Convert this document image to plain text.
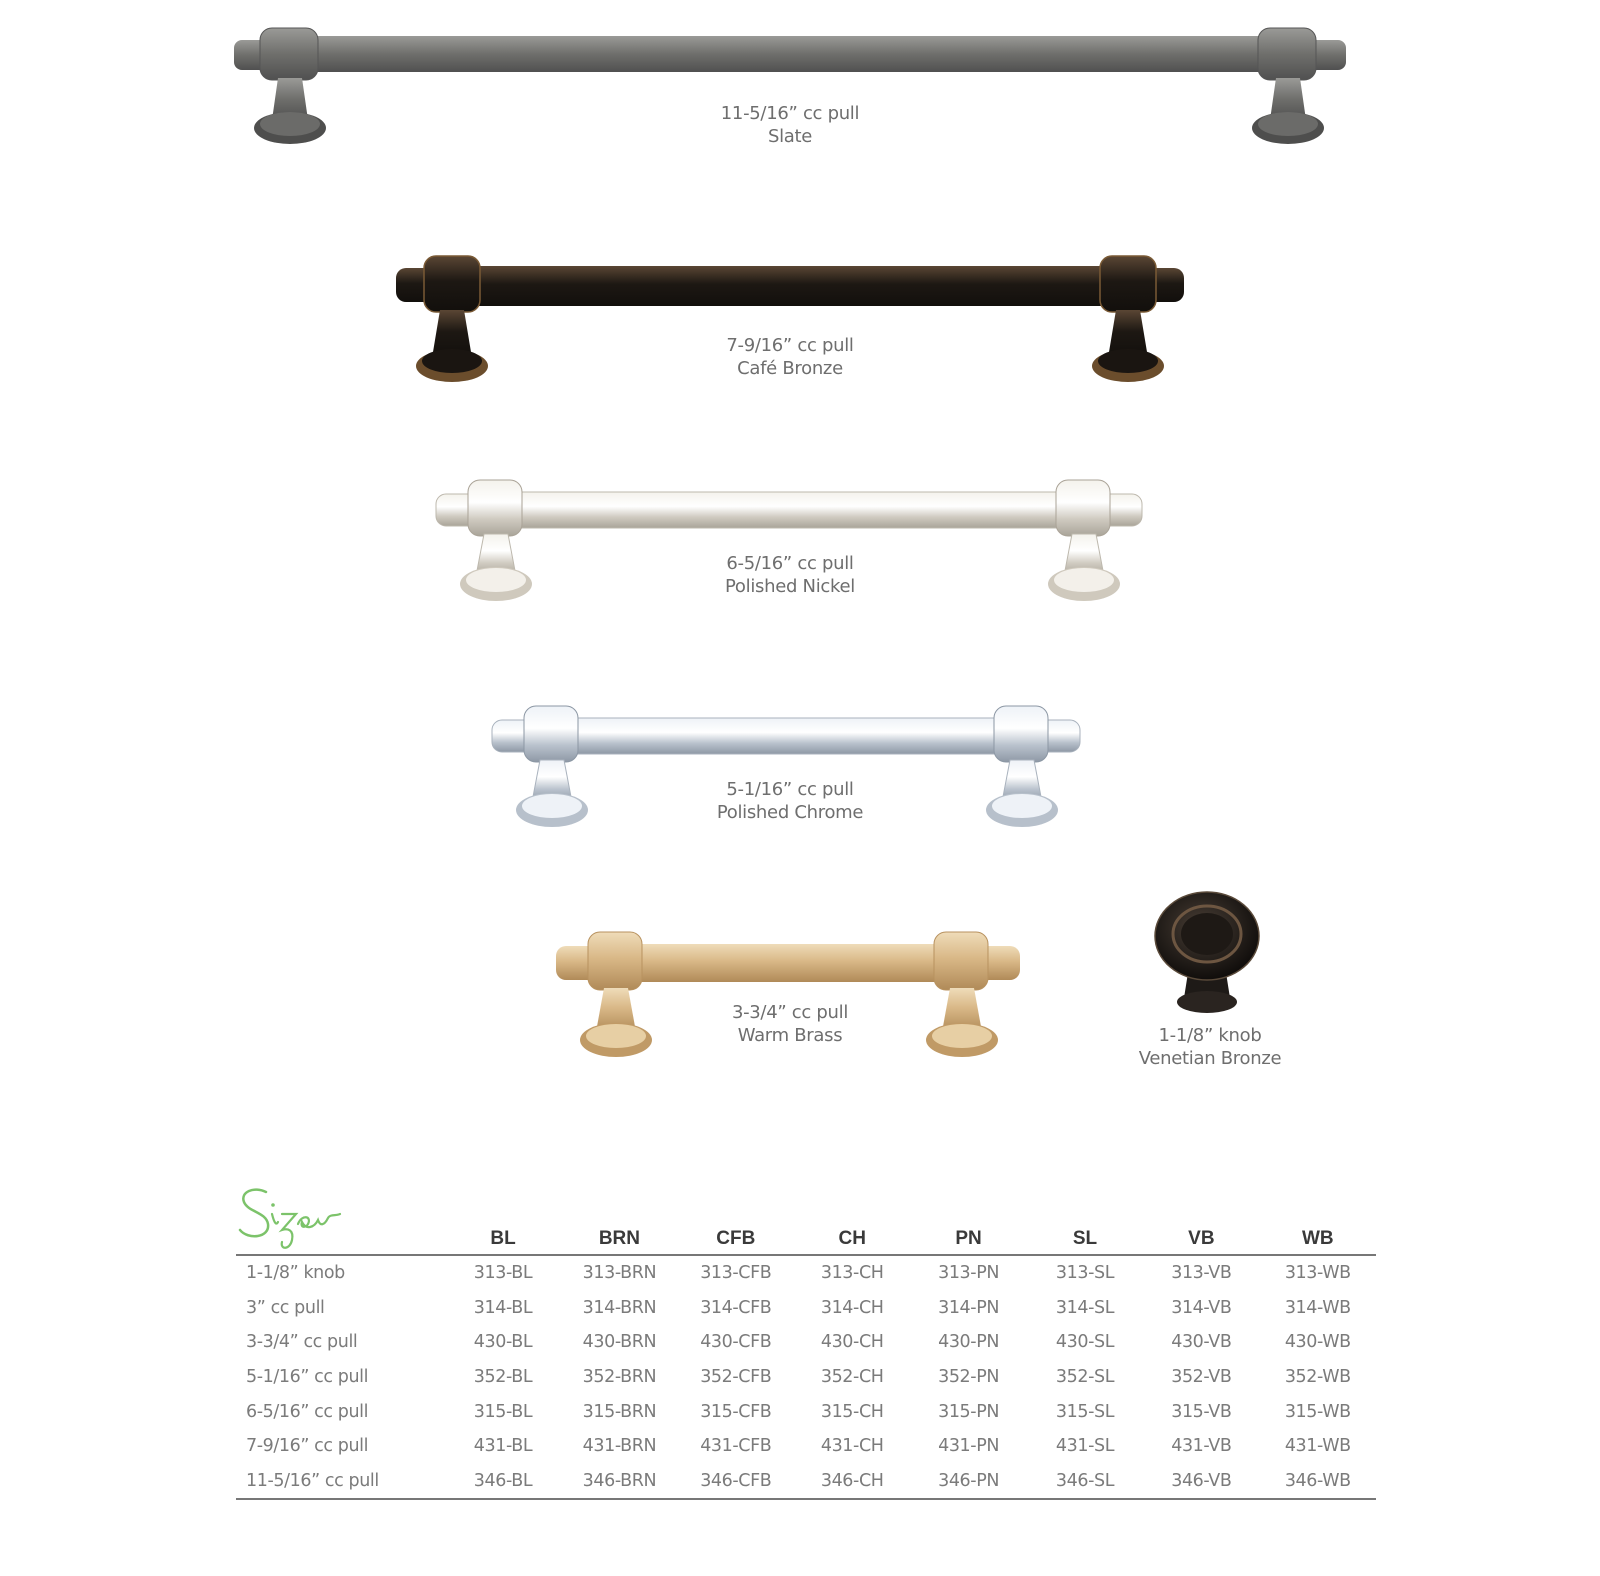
11-5/16” cc pull
Slate
7-9/16” cc pull
Café Bronze
6-5/16” cc pull
Polished Nickel
5-1/16” cc pull
Polished Chrome
3-3/4” cc pull
Warm Brass	1-1/8” knob
Venetian Bronze
	BL	BRN	CFB	CH	PN	SL	VB	WB
1-1/8” knob	313-BL	313-BRN	313-CFB	313-CH	313-PN	313-SL	313-VB	313-WB
3” cc pull	314-BL	314-BRN	314-CFB	314-CH	314-PN	314-SL	314-VB	314-WB
3-3/4” cc pull	430-BL	430-BRN	430-CFB	430-CH	430-PN	430-SL	430-VB	430-WB
5-1/16” cc pull	352-BL	352-BRN	352-CFB	352-CH	352-PN	352-SL	352-VB	352-WB
6-5/16” cc pull	315-BL	315-BRN	315-CFB	315-CH	315-PN	315-SL	315-VB	315-WB
7-9/16” cc pull	431-BL	431-BRN	431-CFB	431-CH	431-PN	431-SL	431-VB	431-WB
11-5/16” cc pull	346-BL	346-BRN	346-CFB	346-CH	346-PN	346-SL	346-VB	346-WB
